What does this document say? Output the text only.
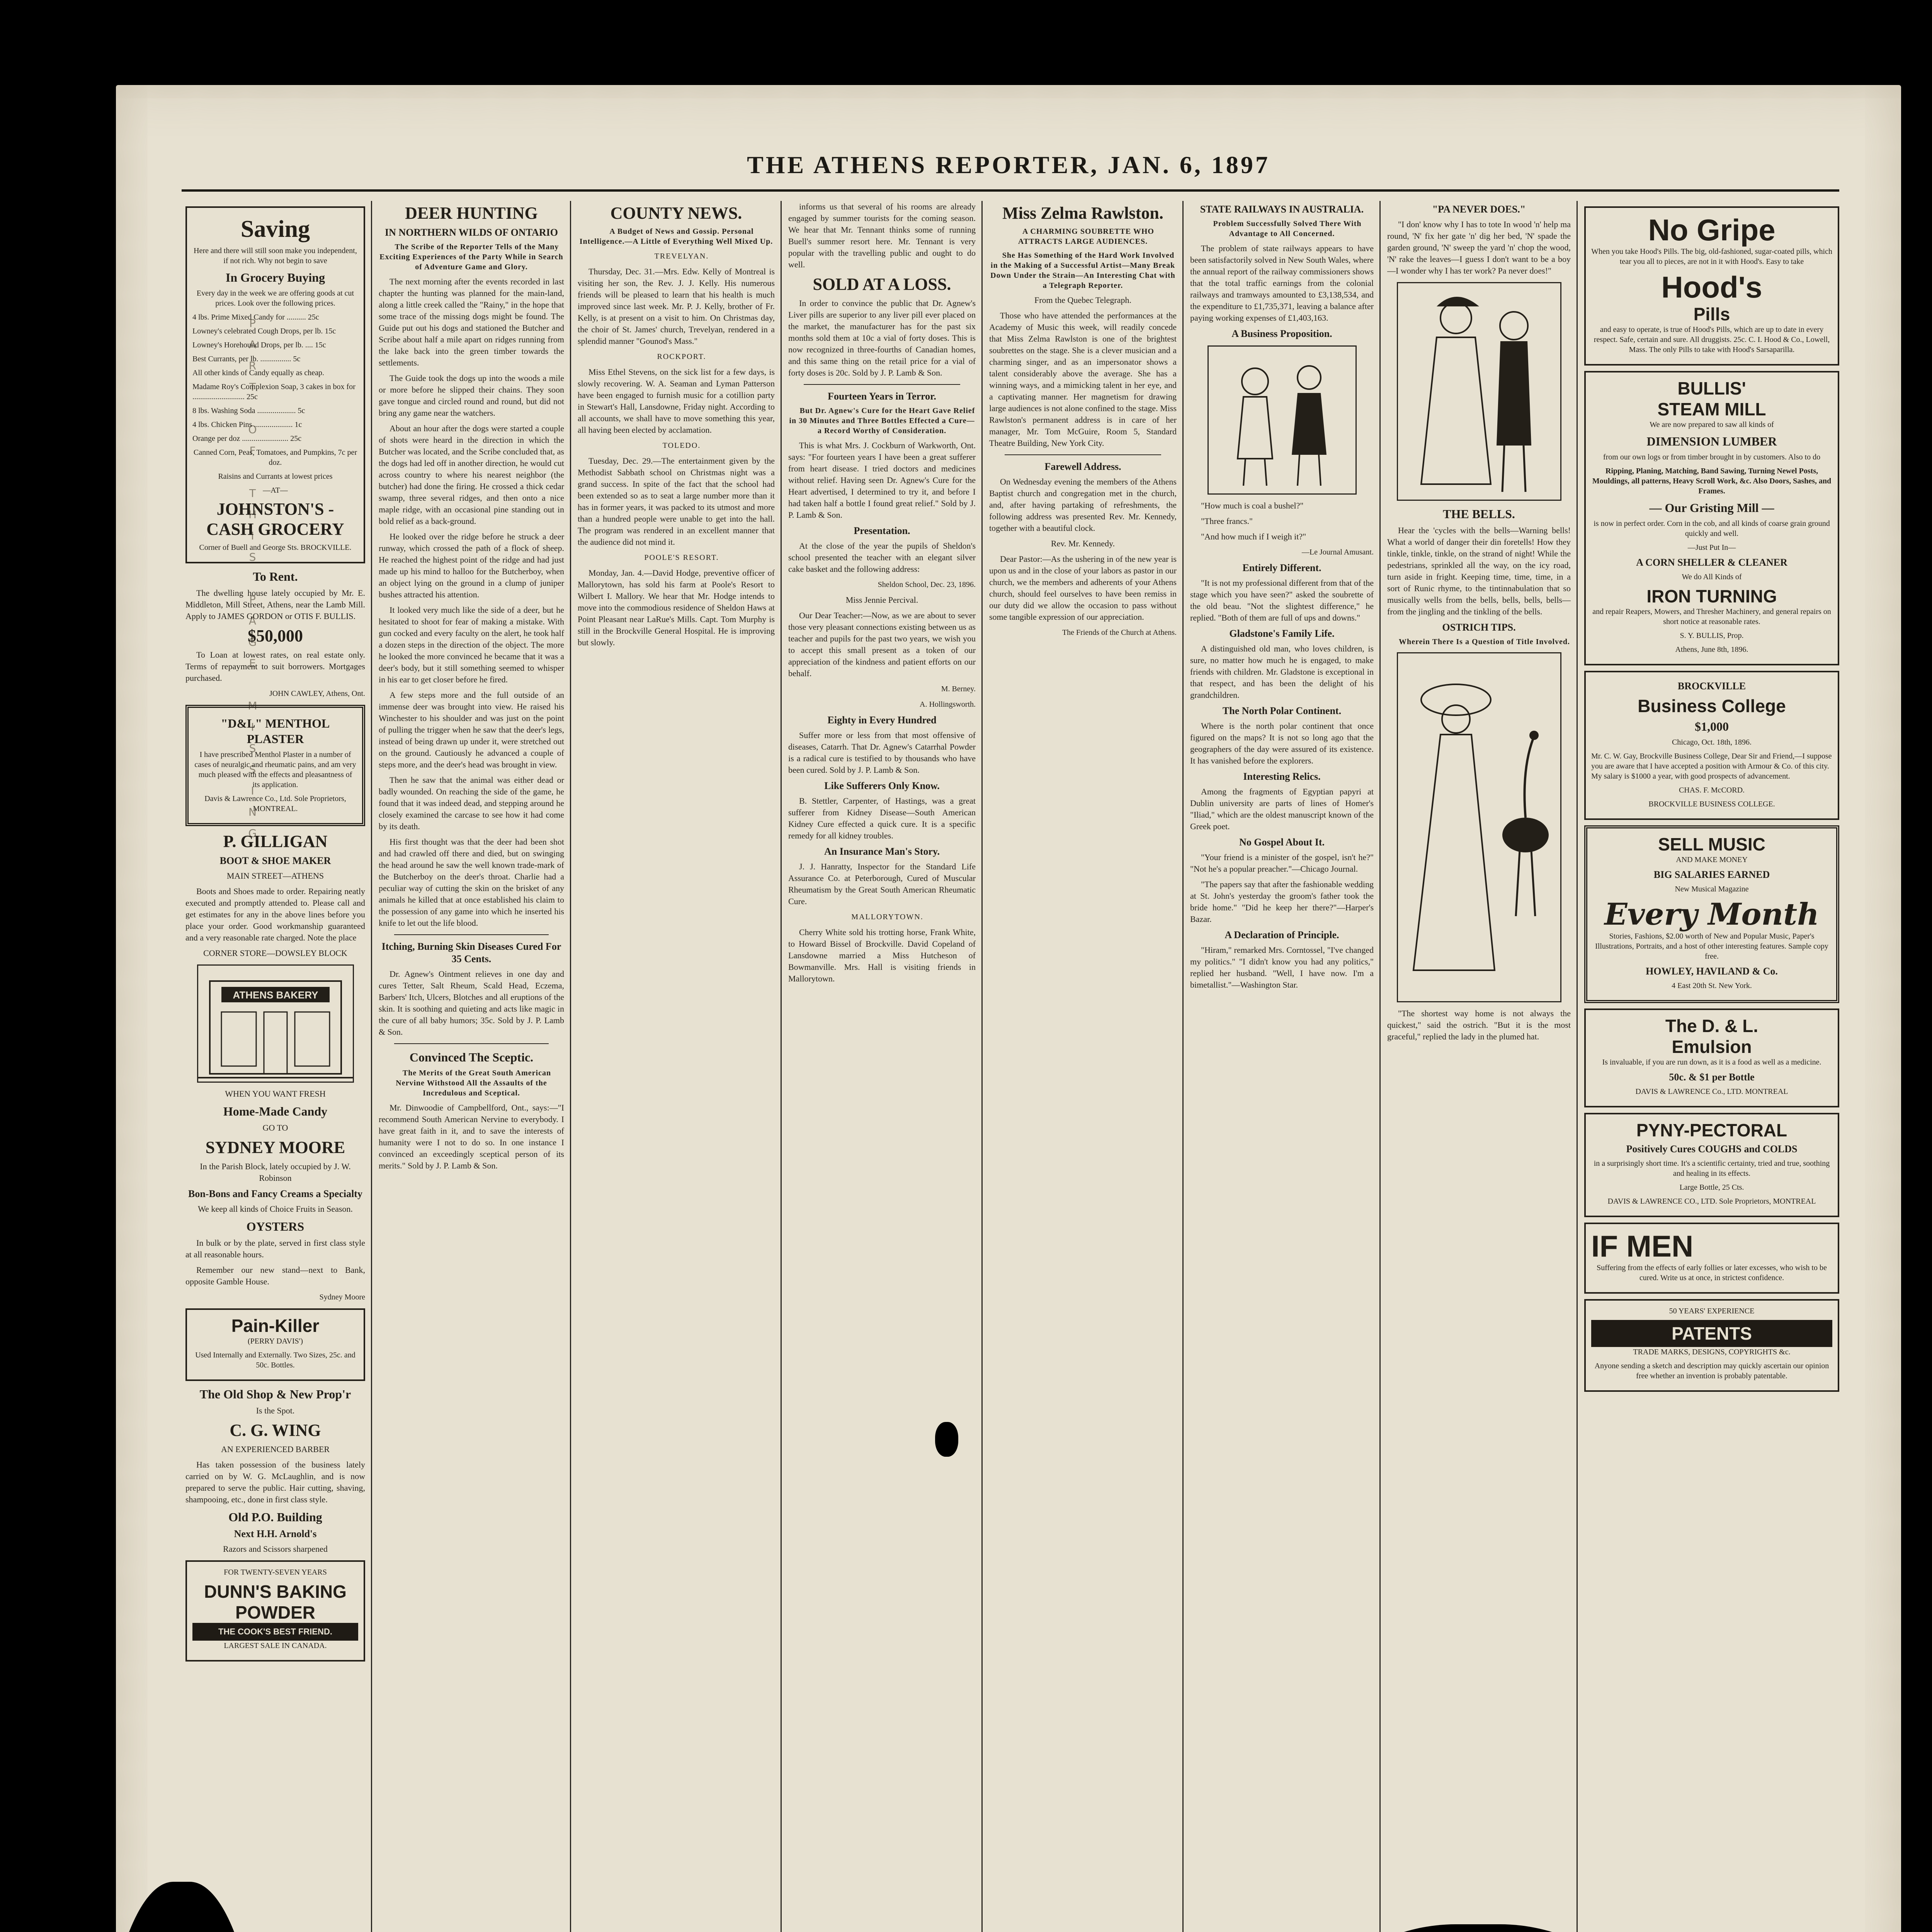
THE ATHENS REPORTER, JAN. 6, 1897
PART OF THIS PAGE MISSING
Saving

Here and there will still soon make you independent, if not rich. Why not begin to save

In Grocery Buying

Every day in the week we are offering goods at cut prices. Look over the following prices.

4 lbs. Prime Mixed Candy for .......... 25c

Lowney's celebrated Cough Drops, per lb. 15c

Lowney's Horehound Drops, per lb. .... 15c

Best Currants, per lb. ................ 5c

All other kinds of Candy equally as cheap.

Madame Roy's Complexion Soap, 3 cakes in box for ........................... 25c

8 lbs. Washing Soda .................... 5c

4 lbs. Chicken Pins .................... 1c

Orange per doz ........................ 25c

Canned Corn, Peas, Tomatoes, and Pumpkins, 7c per doz.

Raisins and Currants at lowest prices

—AT—

JOHNSTON'S - CASH GROCERY

Corner of Buell and George Sts. BROCKVILLE.

To Rent.

The dwelling house lately occupied by Mr. E. Middleton, Mill Street, Athens, near the Lamb Mill. Apply to JAMES GORDON or OTIS F. BULLIS.

$50,000

To Loan at lowest rates, on real estate only. Terms of repayment to suit borrowers. Mortgages purchased.

JOHN CAWLEY, Athens, Ont.

"D&L" MENTHOL PLASTER

I have prescribed Menthol Plaster in a number of cases of neuralgic and rheumatic pains, and am very much pleased with the effects and pleasantness of its application.

Davis & Lawrence Co., Ltd. Sole Proprietors, MONTREAL.

P. GILLIGAN
BOOT & SHOE MAKER

MAIN STREET—ATHENS

Boots and Shoes made to order. Repairing neatly executed and promptly attended to. Please call and get estimates for any in the above lines before you place your order. Good workmanship guaranteed and a very reasonable rate charged. Note the place

CORNER STORE—DOWSLEY BLOCK

ATHENS BAKERY

WHEN YOU WANT FRESH

Home-Made Candy

GO TO

SYDNEY MOORE

In the Parish Block, lately occupied by J. W. Robinson

Bon-Bons and Fancy Creams a Specialty

We keep all kinds of Choice Fruits in Season.

OYSTERS

In bulk or by the plate, served in first class style at all reasonable hours.

Remember our new stand—next to Bank, opposite Gamble House.

Sydney Moore

Pain-Killer

(PERRY DAVIS')

Used Internally and Externally. Two Sizes, 25c. and 50c. Bottles.

The Old Shop & New Prop'r

Is the Spot.

C. G. WING

AN EXPERIENCED BARBER

Has taken possession of the business lately carried on by W. G. McLaughlin, and is now prepared to serve the public. Hair cutting, shaving, shampooing, etc., done in first class style.

Old P.O. Building
Next H.H. Arnold's

Razors and Scissors sharpened

FOR TWENTY-SEVEN YEARS

DUNN'S BAKING POWDER
THE COOK'S BEST FRIEND.

LARGEST SALE IN CANADA.

DEER HUNTING
IN NORTHERN WILDS OF ONTARIO

The Scribe of the Reporter Tells of the Many Exciting Experiences of the Party While in Search of Adventure Game and Glory.

The next morning after the events recorded in last chapter the hunting was planned for the main-land, along a little creek called the "Rainy," in the hope that some trace of the missing dogs might be found. The Guide put out his dogs and stationed the Butcher and Scribe about half a mile apart on ridges running from the lake back into the green timber towards the settlements.

The Guide took the dogs up into the woods a mile or more before he slipped their chains. They soon gave tongue and circled round and round, but did not bring any game near the watchers.

About an hour after the dogs were started a couple of shots were heard in the direction in which the Butcher was located, and the Scribe concluded that, as the dogs had led off in another direction, he would cut across country to where his nearest neighbor (the butcher) had done the firing. He crossed a thick cedar swamp, three several ridges, and then onto a nice maple ridge, with an occasional pine standing out in bold relief as a back-ground.

He looked over the ridge before he struck a deer runway, which crossed the path of a flock of sheep. He reached the highest point of the ridge and had just made up his mind to halloo for the Butcherboy, when an object lying on the ground in a clump of juniper bushes attracted his attention.

It looked very much like the side of a deer, but he hesitated to shoot for fear of making a mistake. With gun cocked and every faculty on the alert, he took half a dozen steps in the direction of the object. The more he looked the more convinced he became that it was a deer's body, but it still something seemed to whisper in his ear to get closer before he fired.

A few steps more and the full outside of an immense deer was brought into view. He raised his Winchester to his shoulder and was just on the point of pulling the trigger when he saw that the deer's legs, instead of being drawn up under it, were stretched out on the ground. Cautiously he advanced a couple of steps more, and the deer's head was brought in view.

Then he saw that the animal was either dead or badly wounded. On reaching the side of the game, he found that it was indeed dead, and stepping around he closely examined the carcase to see how it had come by its death.

His first thought was that the deer had been shot and had crawled off there and died, but on swinging the head around he saw the well known trade-mark of the Butcherboy on the deer's throat. Charlie had a peculiar way of cutting the skin on the brisket of any animals he killed that at once established his claim to the possession of any game into which he inserted his knife to let out the life blood.

Itching, Burning Skin Diseases Cured For 35 Cents.

Dr. Agnew's Ointment relieves in one day and cures Tetter, Salt Rheum, Scald Head, Eczema, Barbers' Itch, Ulcers, Blotches and all eruptions of the skin. It is soothing and quieting and acts like magic in the cure of all baby humors; 35c. Sold by J. P. Lamb & Son.

Convinced The Sceptic.

The Merits of the Great South American Nervine Withstood All the Assaults of the Incredulous and Sceptical.

Mr. Dinwoodie of Campbellford, Ont., says:—"I recommend South American Nervine to everybody. I have great faith in it, and to save the interests of humanity were I not to do so. In one instance I convinced an exceedingly sceptical person of its merits." Sold by J. P. Lamb & Son.

COUNTY NEWS.

A Budget of News and Gossip. Personal Intelligence.—A Little of Everything Well Mixed Up.

TREVELYAN.

Thursday, Dec. 31.—Mrs. Edw. Kelly of Montreal is visiting her son, the Rev. J. J. Kelly. His numerous friends will be pleased to learn that his health is much improved since last week. Mr. P. J. Kelly, brother of Fr. Kelly, is at present on a visit to him. On Christmas day, the choir of St. James' church, Trevelyan, rendered in a splendid manner "Gounod's Mass."

ROCKPORT.

Miss Ethel Stevens, on the sick list for a few days, is slowly recovering. W. A. Seaman and Lyman Patterson have been engaged to furnish music for a cotillion party in Stewart's Hall, Lansdowne, Friday night. According to all accounts, we shall have to move something this year, all having been elected by acclamation.

TOLEDO.

Tuesday, Dec. 29.—The entertainment given by the Methodist Sabbath school on Christmas night was a grand success. In spite of the fact that the school had been extended so as to seat a large number more than it has in former years, it was packed to its utmost and more than a hundred people were unable to get into the hall. The program was rendered in an excellent manner that the audience did not mind it.

POOLE'S RESORT.

Monday, Jan. 4.—David Hodge, preventive officer of Mallorytown, has sold his farm at Poole's Resort to Wilbert I. Mallory. We hear that Mr. Hodge intends to move into the commodious residence of Sheldon Haws at Point Pleasant near LaRue's Mills. Capt. Tom Murphy is still in the Brockville General Hospital. He is improving but slowly.

informs us that several of his rooms are already engaged by summer tourists for the coming season. We hear that Mr. Tennant thinks some of running Buell's summer resort here. Mr. Tennant is very popular with the travelling public and ought to do well.

SOLD AT A LOSS.

In order to convince the public that Dr. Agnew's Liver pills are superior to any liver pill ever placed on the market, the manufacturer has for the past six months sold them at 10c a vial of forty doses. This is now recognized in three-fourths of Canadian homes, and this same thing on the retail price for a vial of forty doses is 20c. Sold by J. P. Lamb & Son.

Fourteen Years in Terror.

But Dr. Agnew's Cure for the Heart Gave Relief in 30 Minutes and Three Bottles Effected a Cure—a Record Worthy of Consideration.

This is what Mrs. J. Cockburn of Warkworth, Ont. says: "For fourteen years I have been a great sufferer from heart disease. I tried doctors and medicines without relief. Having seen Dr. Agnew's Cure for the Heart advertised, I determined to try it, and before I had taken half a bottle I found great relief." Sold by J. P. Lamb & Son.

Presentation.

At the close of the year the pupils of Sheldon's school presented the teacher with an elegant silver cake basket and the following address:

Sheldon School, Dec. 23, 1896.

Miss Jennie Percival.

Our Dear Teacher:—Now, as we are about to sever those very pleasant connections existing between us as teacher and pupils for the past two years, we wish you to accept this small present as a token of our appreciation of the kindness and patient efforts on our behalf.

M. Berney.

A. Hollingsworth.

Eighty in Every Hundred

Suffer more or less from that most offensive of diseases, Catarrh. That Dr. Agnew's Catarrhal Powder is a radical cure is testified to by thousands who have been cured. Sold by J. P. Lamb & Son.

Like Sufferers Only Know.

B. Stettler, Carpenter, of Hastings, was a great sufferer from Kidney Disease—South American Kidney Cure effected a quick cure. It is a specific remedy for all kidney troubles.

An Insurance Man's Story.

J. J. Hanratty, Inspector for the Standard Life Assurance Co. at Peterborough, Cured of Muscular Rheumatism by the Great South American Rheumatic Cure.

MALLORYTOWN.

Cherry White sold his trotting horse, Frank White, to Howard Bissel of Brockville. David Copeland of Lansdowne married a Miss Hutcheson of Bowmanville. Mrs. Hall is visiting friends in Mallorytown.

Miss Zelma Rawlston.

A CHARMING SOUBRETTE WHO ATTRACTS LARGE AUDIENCES.

She Has Something of the Hard Work Involved in the Making of a Successful Artist—Many Break Down Under the Strain—An Interesting Chat with a Telegraph Reporter.

From the Quebec Telegraph.

Those who have attended the performances at the Academy of Music this week, will readily concede that Miss Zelma Rawlston is one of the brightest soubrettes on the stage. She is a clever musician and a charming singer, and as an impersonator shows a talent considerably above the average. She has a winning ways, and a mimicking talent in her eye, and a captivating manner. Her magnetism for drawing large audiences is not alone confined to the stage. Miss Rawlston's permanent address is in care of her manager, Mr. Tom McGuire, Room 5, Standard Theatre Building, New York City.

Farewell Address.

On Wednesday evening the members of the Athens Baptist church and congregation met in the church, and, after having partaking of refreshments, the following address was presented Rev. Mr. Kennedy, together with a beautiful clock.

Rev. Mr. Kennedy.

Dear Pastor:—As the ushering in of the new year is upon us and in the close of your labors as pastor in our church, we the members and adherents of your Athens church, should feel ourselves to have been remiss in our duty did we allow the occasion to pass without some tangible expression of our appreciation.

The Friends of the Church at Athens.

STATE RAILWAYS IN AUSTRALIA.

Problem Successfully Solved There With Advantage to All Concerned.

The problem of state railways appears to have been satisfactorily solved in New South Wales, where the annual report of the railway commissioners shows that the total traffic earnings from the colonial railways and tramways amounted to £3,138,534, and the expenditure to £1,735,371, leaving a balance after paying working expenses of £1,403,163.

A Business Proposition.

"How much is coal a bushel?"

"Three francs."

"And how much if I weigh it?"

—Le Journal Amusant.

Entirely Different.

"It is not my professional different from that of the stage which you have seen?" asked the soubrette of the old beau. "Not the slightest difference," he replied. "Both of them are full of ups and downs."

Gladstone's Family Life.

A distinguished old man, who loves children, is sure, no matter how much he is engaged, to make friends with children. Mr. Gladstone is exceptional in that respect, and has been the delight of his grandchildren.

The North Polar Continent.

Where is the north polar continent that once figured on the maps? It is not so long ago that the geographers of the day were assured of its existence. It has vanished before the explorers.

Interesting Relics.

Among the fragments of Egyptian papyri at Dublin university are parts of lines of Homer's "Iliad," which are the oldest manuscript known of the Greek poet.

No Gospel About It.

"Your friend is a minister of the gospel, isn't he?" "Not he's a popular preacher."—Chicago Journal.

"The papers say that after the fashionable wedding at St. John's yesterday the groom's father took the bride home." "Did he keep her there?"—Harper's Bazar.

A Declaration of Principle.

"Hiram," remarked Mrs. Corntossel, "I've changed my politics." "I didn't know you had any politics," replied her husband. "Well, I have now. I'm a bimetallist."—Washington Star.

"PA NEVER DOES."

"I don' know why I has to tote In wood 'n' help ma round, 'N' fix her gate 'n' dig her bed, 'N' spade the garden ground, 'N' sweep the yard 'n' chop the wood, 'N' rake the leaves—I guess I don't want to be a boy—I wonder why I has ter work? Pa never does!"

THE BELLS.

Hear the 'cycles with the bells—Warning bells! What a world of danger their din foretells! How they tinkle, tinkle, tinkle, on the strand of night! While the pedestrians, sprinkled all the way, on the icy road, turn aside in fright. Keeping time, time, time, in a sort of Runic rhyme, to the tintinnabulation that so musically wells from the bells, bells, bells, bells—from the jingling and the tinkling of the bells.

OSTRICH TIPS.

Wherein There Is a Question of Title Involved.

"The shortest way home is not always the quickest," said the ostrich. "But it is the most graceful," replied the lady in the plumed hat.

No Gripe

When you take Hood's Pills. The big, old-fashioned, sugar-coated pills, which tear you all to pieces, are not in it with Hood's. Easy to take

Hood's
Pills

and easy to operate, is true of Hood's Pills, which are up to date in every respect. Safe, certain and sure. All druggists. 25c. C. I. Hood & Co., Lowell, Mass. The only Pills to take with Hood's Sarsaparilla.

BULLIS'
STEAM MILL

We are now prepared to saw all kinds of

DIMENSION LUMBER

from our own logs or from timber brought in by customers. Also to do

Ripping, Planing, Matching, Band Sawing, Turning Newel Posts, Mouldings, all patterns, Heavy Scroll Work, &c. Also Doors, Sashes, and Frames.

— Our Gristing Mill —

is now in perfect order. Corn in the cob, and all kinds of coarse grain ground quickly and well.

—Just Put In—

A CORN SHELLER & CLEANER

We do All Kinds of

IRON TURNING

and repair Reapers, Mowers, and Thresher Machinery, and general repairs on short notice at reasonable rates.

S. Y. BULLIS, Prop.

Athens, June 8th, 1896.

BROCKVILLE
Business College
$1,000

Chicago, Oct. 18th, 1896.

Mr. C. W. Gay, Brockville Business College, Dear Sir and Friend,—I suppose you are aware that I have accepted a position with Armour & Co. of this city. My salary is $1000 a year, with good prospects of advancement.

CHAS. F. McCORD.

BROCKVILLE BUSINESS COLLEGE.

SELL MUSIC

AND MAKE MONEY

BIG SALARIES EARNED

New Musical Magazine

Every Month

Stories, Fashions, $2.00 worth of New and Popular Music, Paper's Illustrations, Portraits, and a host of other interesting features. Sample copy free.

HOWLEY, HAVILAND & Co.

4 East 20th St. New York.

The D. & L.
Emulsion

Is invaluable, if you are run down, as it is a food as well as a medicine.

50c. & $1 per Bottle

DAVIS & LAWRENCE Co., LTD. MONTREAL

PYNY-PECTORAL
Positively Cures COUGHS and COLDS

in a surprisingly short time. It's a scientific certainty, tried and true, soothing and healing in its effects.

Large Bottle, 25 Cts.

DAVIS & LAWRENCE CO., LTD. Sole Proprietors, MONTREAL

IF MEN

Suffering from the effects of early follies or later excesses, who wish to be cured. Write us at once, in strictest confidence.

50 YEARS' EXPERIENCE

PATENTS

TRADE MARKS, DESIGNS, COPYRIGHTS &c.

Anyone sending a sketch and description may quickly ascertain our opinion free whether an invention is probably patentable.
